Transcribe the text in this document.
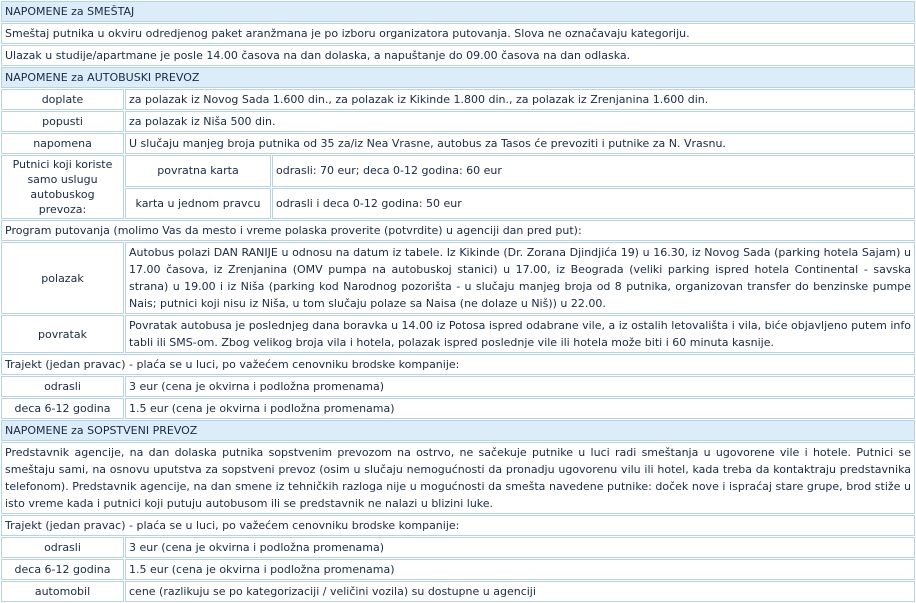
NAPOMENE za SMEŠTAJ		
Smeštaj putnika u okviru odredjenog paket aranžmana je po izboru organizatora putovanja. Slova ne označavaju kategoriju.		
Ulazak u studije/apartmane je posle 14.00 časova na dan dolaska, a napuštanje do 09.00 časova na dan odlaska.		
NAPOMENE za AUTOBUSKI PREVOZ		
doplate	za polazak iz Novog Sada 1.600 din., za polazak iz Kikinde 1.800 din., za polazak iz Zrenjanina 1.600 din.	
popusti	za polazak iz Niša 500 din.	
napomena	U slučaju manjeg broja putnika od 35 za/iz Nea Vrasne, autobus za Tasos će prevoziti i putnike za N. Vrasnu.	
Putnici koji koriste samo uslugu autobuskog prevoza:	povratna karta	odrasli: 70 eur; deca 0-12 godina: 60 eur
	karta u jednom pravcu	odrasli i deca 0-12 godina: 50 eur
Program putovanja (molimo Vas da mesto i vreme polaska proverite (potvrdite) u agenciji dan pred put):		
polazak	Autobus polazi DAN RANIJE u odnosu na datum iz tabele. Iz Kikinde (Dr. Zorana Djindjića 19) u 16.30, iz Novog Sada (parking hotela Sajam) u 17.00 časova, iz Zrenjanina (OMV pumpa na autobuskoj stanici) u 17.00, iz Beograda (veliki parking ispred hotela Continental - savska strana) u 19.00 i iz Niša (parking kod Narodnog pozorišta - u slučaju manjeg broja od 8 putnika, organizovan transfer do benzinske pumpe Nais; putnici koji nisu iz Niša, u tom slučaju polaze sa Naisa (ne dolaze u Niš)) u 22.00.	
povratak	Povratak autobusa je poslednjeg dana boravka u 14.00 iz Potosa ispred odabrane vile, a iz ostalih letovališta i vila, biće objavljeno putem info tabli ili SMS-om. Zbog velikog broja vila i hotela, polazak ispred poslednje vile ili hotela može biti i 60 minuta kasnije.	
Trajekt (jedan pravac) - plaća se u luci, po važećem cenovniku brodske kompanije:		
odrasli	3 eur (cena je okvirna i podložna promenama)	
deca 6-12 godina	1.5 eur (cena je okvirna i podložna promenama)	
NAPOMENE za SOPSTVENI PREVOZ		
Predstavnik agencije, na dan dolaska putnika sopstvenim prevozom na ostrvo, ne sačekuje putnike u luci radi smeštanja u ugovorene vile i hotele. Putnici se smeštaju sami, na osnovu uputstva za sopstveni prevoz (osim u slučaju nemogućnosti da pronadju ugovorenu vilu ili hotel, kada treba da kontaktraju predstavnika telefonom). Predstavnik agencije, na dan smene iz tehničkih razloga nije u mogućnosti da smešta navedene putnike: doček nove i ispraćaj stare grupe, brod stiže u isto vreme kada i putnici koji putuju autobusom ili se predstavnik ne nalazi u blizini luke.		
Trajekt (jedan pravac) - plaća se u luci, po važećem cenovniku brodske kompanije:		
odrasli	3 eur (cena je okvirna i podložna promenama)	
deca 6-12 godina	1.5 eur (cena je okvirna i podložna promenama)	
automobil	cene (razlikuju se po kategorizaciji / veličini vozila) su dostupne u agenciji	
